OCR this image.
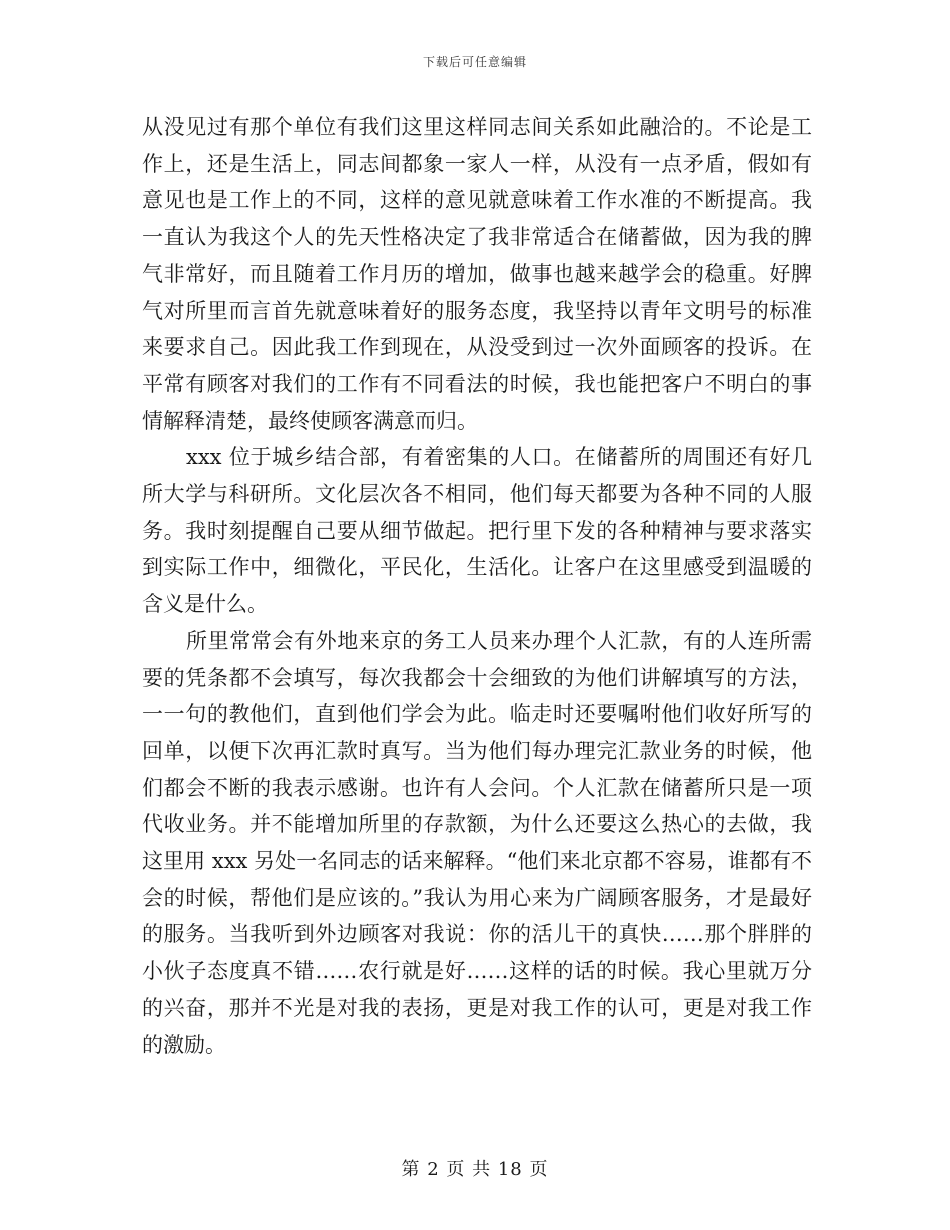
下载后可任意编辑

从没见过有那个单位有我们这里这样同志间关系如此融洽的。不论是工作上，还是生活上，同志间都象一家人一样，从没有一点矛盾，假如有意见也是工作上的不同，这样的意见就意味着工作水准的不断提高。我一直认为我这个人的先天性格决定了我非常适合在储蓄做，因为我的脾气非常好，而且随着工作月历的增加，做事也越来越学会的稳重。好脾气对所里而言首先就意味着好的服务态度，我坚持以青年文明号的标准来要求自己。因此我工作到现在，从没受到过一次外面顾客的投诉。在平常有顾客对我们的工作有不同看法的时候，我也能把客户不明白的事情解释清楚，最终使顾客满意而归。

xxx 位于城乡结合部，有着密集的人口。在储蓄所的周围还有好几所大学与科研所。文化层次各不相同，他们每天都要为各种不同的人服务。我时刻提醒自己要从细节做起。把行里下发的各种精神与要求落实到实际工作中，细微化，平民化，生活化。让客户在这里感受到温暖的含义是什么。

所里常常会有外地来京的务工人员来办理个人汇款，有的人连所需要的凭条都不会填写，每次我都会十会细致的为他们讲解填写的方法，一一句的教他们，直到他们学会为此。临走时还要嘱咐他们收好所写的回单，以便下次再汇款时真写。当为他们每办理完汇款业务的时候，他们都会不断的我表示感谢。也许有人会问。个人汇款在储蓄所只是一项代收业务。并不能增加所里的存款额，为什么还要这么热心的去做，我这里用 xxx 另处一名同志的话来解释。“他们来北京都不容易，谁都有不会的时候，帮他们是应该的。”我认为用心来为广阔顾客服务，才是最好的服务。当我听到外边顾客对我说：你的活儿干的真快……那个胖胖的小伙子态度真不错……农行就是好……这样的话的时候。我心里就万分的兴奋，那并不光是对我的表扬，更是对我工作的认可，更是对我工作的激励。

第 2 页 共 18 页
